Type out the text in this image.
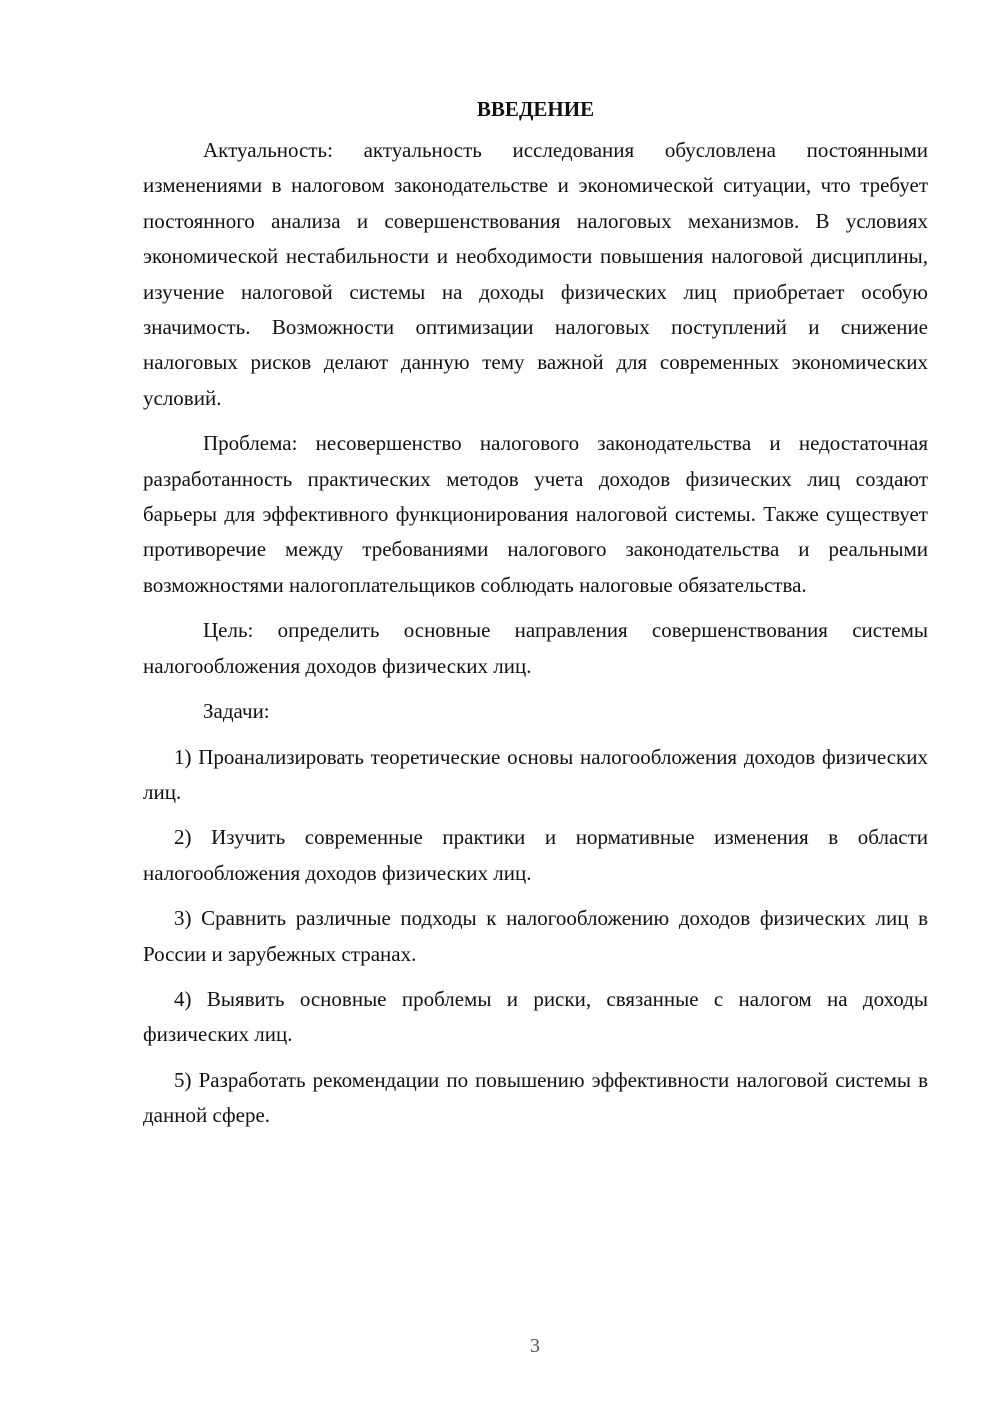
ВВЕДЕНИЕ

Актуальность: актуальность исследования обусловлена постоянными изменениями в налоговом законодательстве и экономической ситуации, что требует постоянного анализа и совершенствования налоговых механизмов. В условиях экономической нестабильности и необходимости повышения налоговой дисциплины, изучение налоговой системы на доходы физических лиц приобретает особую значимость. Возможности оптимизации налоговых поступлений и снижение налоговых рисков делают данную тему важной для современных экономических условий.

Проблема: несовершенство налогового законодательства и недостаточная разработанность практических методов учета доходов физических лиц создают барьеры для эффективного функционирования налоговой системы. Также существует противоречие между требованиями налогового законодательства и реальными возможностями налогоплательщиков соблюдать налоговые обязательства.

Цель: определить основные направления совершенствования системы налогообложения доходов физических лиц.

Задачи:

1) Проанализировать теоретические основы налогообложения доходов физических лиц.

2) Изучить современные практики и нормативные изменения в области налогообложения доходов физических лиц.

3) Сравнить различные подходы к налогообложению доходов физических лиц в России и зарубежных странах.

4) Выявить основные проблемы и риски, связанные с налогом на доходы физических лиц.

5) Разработать рекомендации по повышению эффективности налоговой системы в данной сфере.

3
